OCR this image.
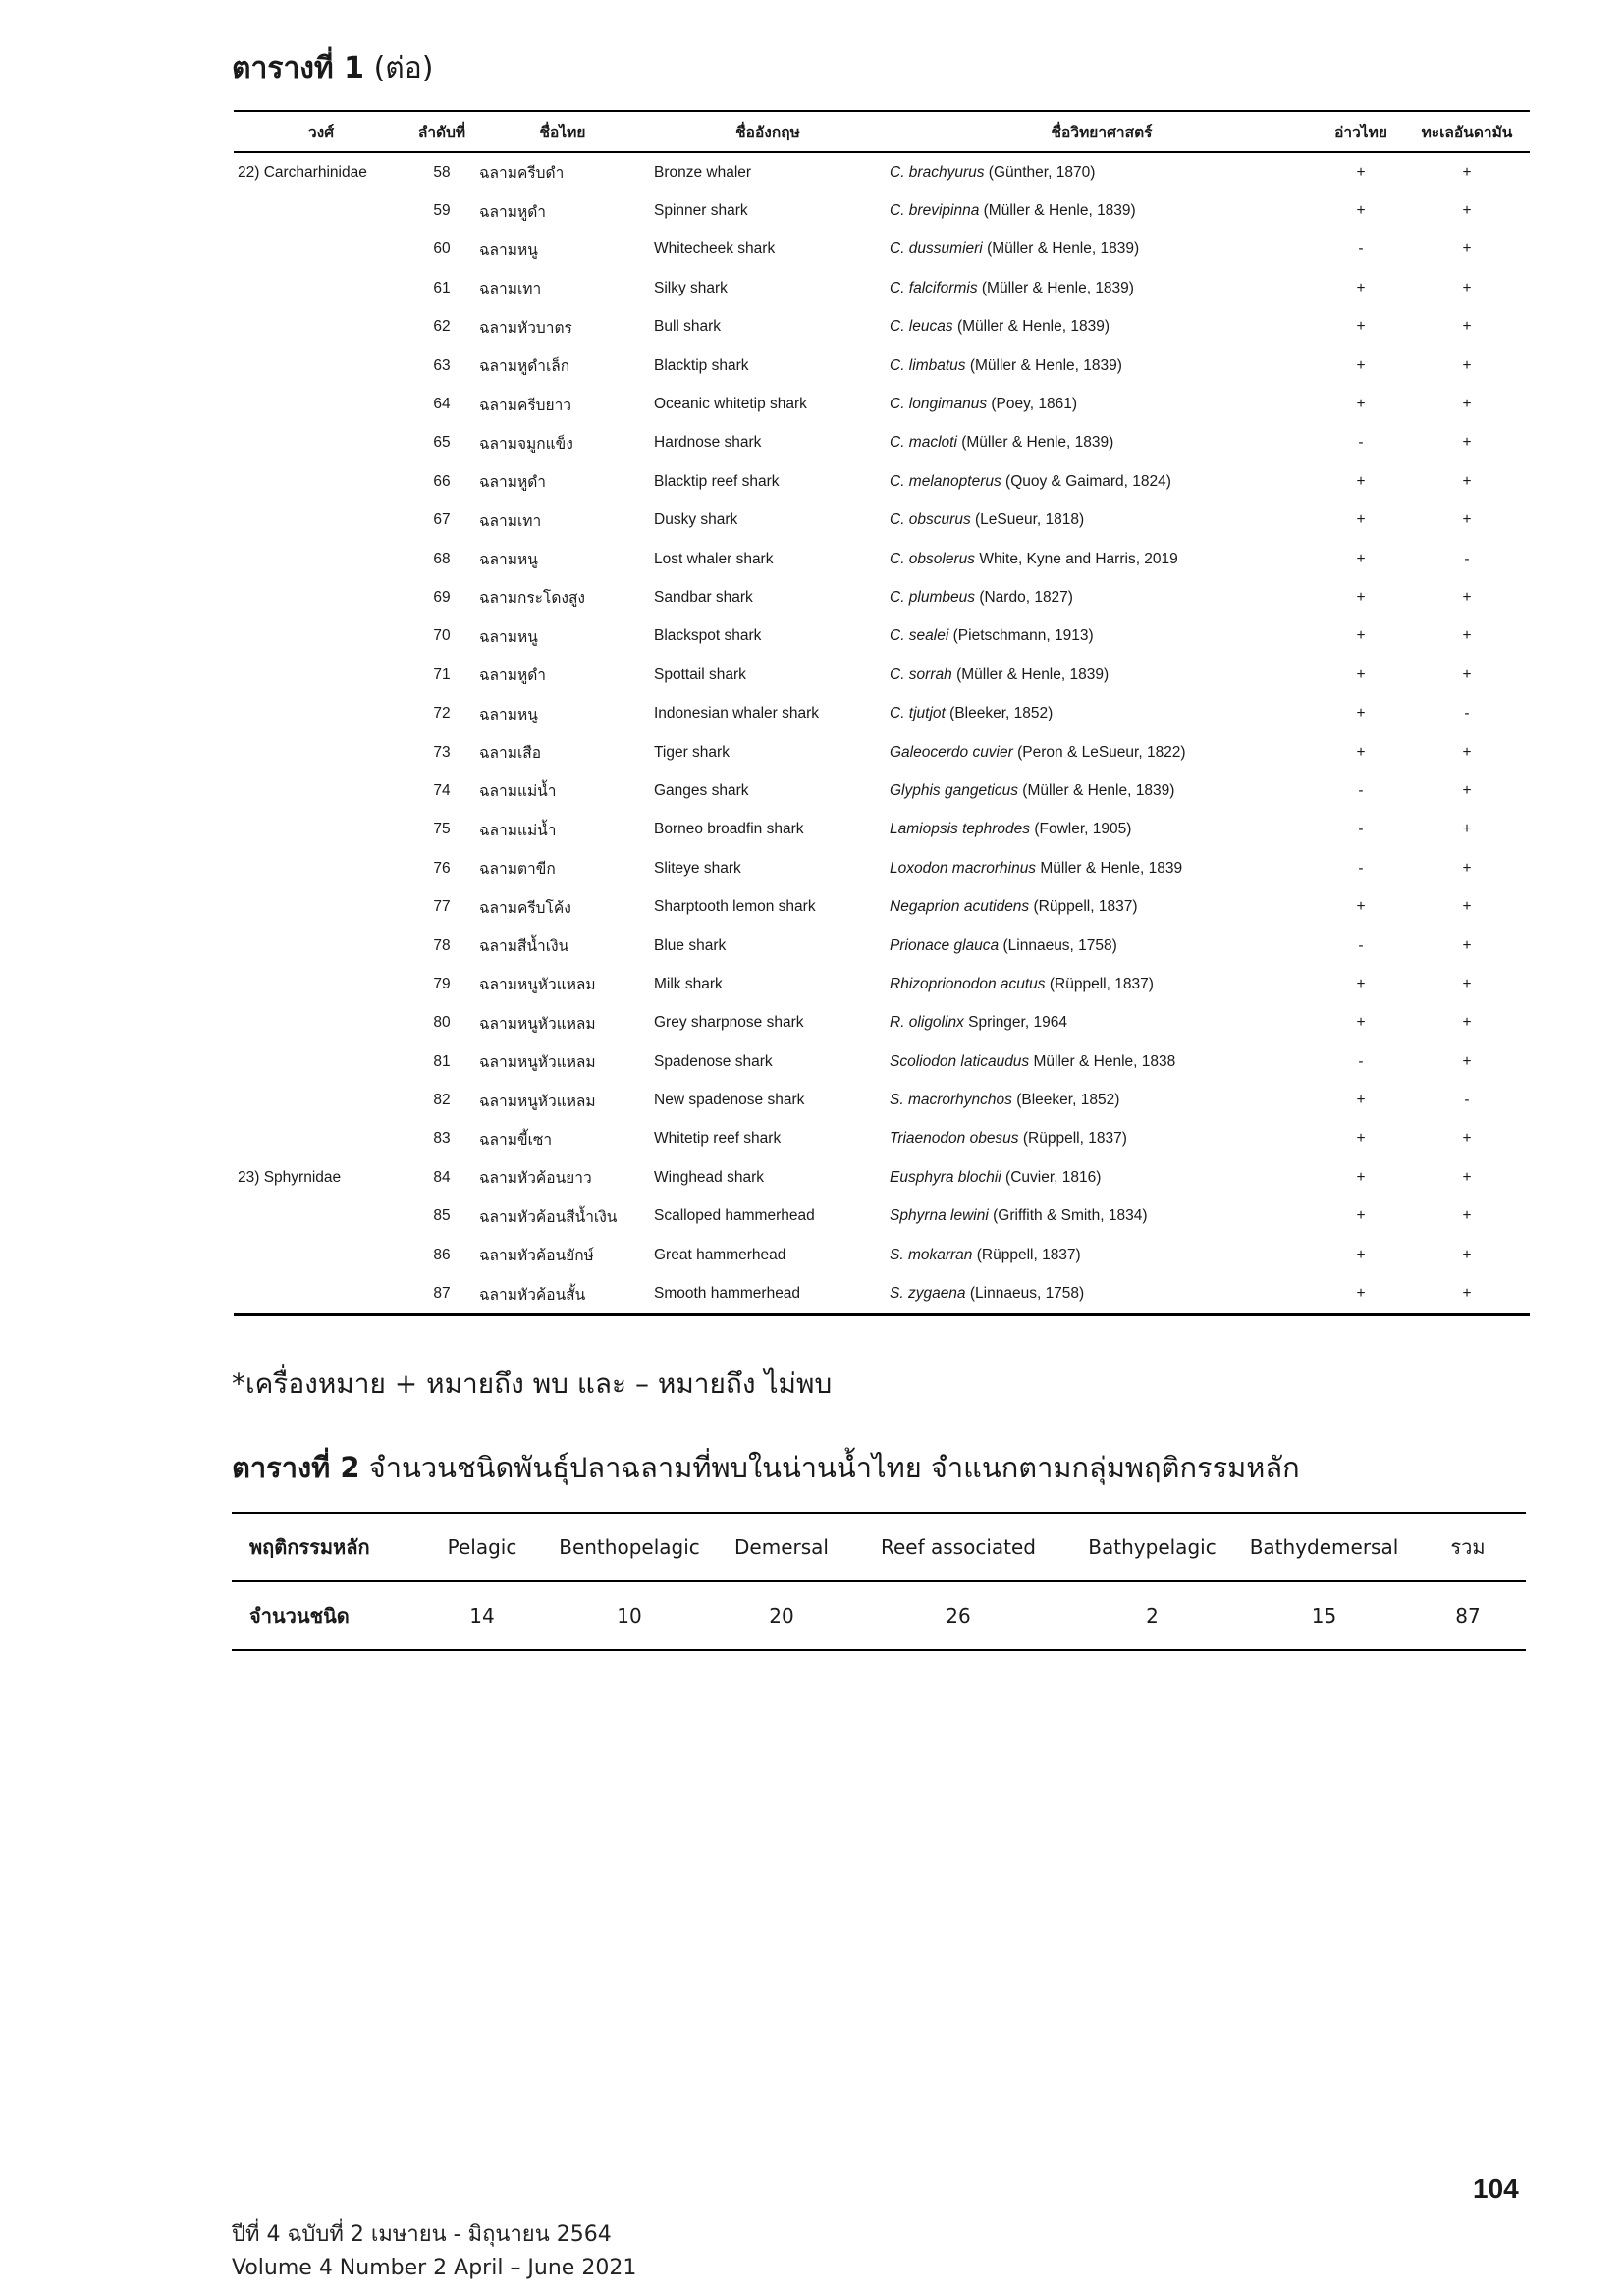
ตารางที่ 1 (ต่อ)
วงศ์	ลำดับที่	ชื่อไทย	ชื่ออังกฤษ	ชื่อวิทยาศาสตร์	อ่าวไทย	ทะเลอันดามัน
22) Carcharhinidae	58	ฉลามครีบดำ	Bronze whaler	C. brachyurus (Günther, 1870)	+	+
	59	ฉลามหูดำ	Spinner shark	C. brevipinna (Müller & Henle, 1839)	+	+
	60	ฉลามหนู	Whitecheek shark	C. dussumieri (Müller & Henle, 1839)	-	+
	61	ฉลามเทา	Silky shark	C. falciformis (Müller & Henle, 1839)	+	+
	62	ฉลามหัวบาตร	Bull shark	C. leucas (Müller & Henle, 1839)	+	+
	63	ฉลามหูดำเล็ก	Blacktip shark	C. limbatus (Müller & Henle, 1839)	+	+
	64	ฉลามครีบยาว	Oceanic whitetip shark	C. longimanus (Poey, 1861)	+	+
	65	ฉลามจมูกแข็ง	Hardnose shark	C. macloti (Müller & Henle, 1839)	-	+
	66	ฉลามหูดำ	Blacktip reef shark	C. melanopterus (Quoy & Gaimard, 1824)	+	+
	67	ฉลามเทา	Dusky shark	C. obscurus (LeSueur, 1818)	+	+
	68	ฉลามหนู	Lost whaler shark	C. obsolerus White, Kyne and Harris, 2019	+	-
	69	ฉลามกระโดงสูง	Sandbar shark	C. plumbeus (Nardo, 1827)	+	+
	70	ฉลามหนู	Blackspot shark	C. sealei (Pietschmann, 1913)	+	+
	71	ฉลามหูดำ	Spottail shark	C. sorrah (Müller & Henle, 1839)	+	+
	72	ฉลามหนู	Indonesian whaler shark	C. tjutjot (Bleeker, 1852)	+	-
	73	ฉลามเสือ	Tiger shark	Galeocerdo cuvier (Peron & LeSueur, 1822)	+	+
	74	ฉลามแม่น้ำ	Ganges shark	Glyphis gangeticus (Müller & Henle, 1839)	-	+
	75	ฉลามแม่น้ำ	Borneo broadfin shark	Lamiopsis tephrodes (Fowler, 1905)	-	+
	76	ฉลามตาขีก	Sliteye shark	Loxodon macrorhinus Müller & Henle, 1839	-	+
	77	ฉลามครีบโค้ง	Sharptooth lemon shark	Negaprion acutidens (Rüppell, 1837)	+	+
	78	ฉลามสีน้ำเงิน	Blue shark	Prionace glauca (Linnaeus, 1758)	-	+
	79	ฉลามหนูหัวแหลม	Milk shark	Rhizoprionodon acutus (Rüppell, 1837)	+	+
	80	ฉลามหนูหัวแหลม	Grey sharpnose shark	R. oligolinx Springer, 1964	+	+
	81	ฉลามหนูหัวแหลม	Spadenose shark	Scoliodon laticaudus Müller & Henle, 1838	-	+
	82	ฉลามหนูหัวแหลม	New spadenose shark	S. macrorhynchos (Bleeker, 1852)	+	-
	83	ฉลามขี้เซา	Whitetip reef shark	Triaenodon obesus (Rüppell, 1837)	+	+
23) Sphyrnidae	84	ฉลามหัวค้อนยาว	Winghead shark	Eusphyra blochii (Cuvier, 1816)	+	+
	85	ฉลามหัวค้อนสีน้ำเงิน	Scalloped hammerhead	Sphyrna lewini (Griffith & Smith, 1834)	+	+
	86	ฉลามหัวค้อนยักษ์	Great hammerhead	S. mokarran (Rüppell, 1837)	+	+
	87	ฉลามหัวค้อนสั้น	Smooth hammerhead	S. zygaena (Linnaeus, 1758)	+	+
*เครื่องหมาย + หมายถึง พบ และ – หมายถึง ไม่พบ
ตารางที่ 2 จำนวนชนิดพันธุ์ปลาฉลามที่พบในน่านน้ำไทย จำแนกตามกลุ่มพฤติกรรมหลัก
พฤติกรรมหลัก	Pelagic	Benthopelagic	Demersal	Reef associated	Bathypelagic	Bathydemersal	รวม
จำนวนชนิด	14	10	20	26	2	15	87
104
ปีที่ 4 ฉบับที่ 2 เมษายน - มิถุนายน 2564
Volume 4 Number 2 April – June 2021
